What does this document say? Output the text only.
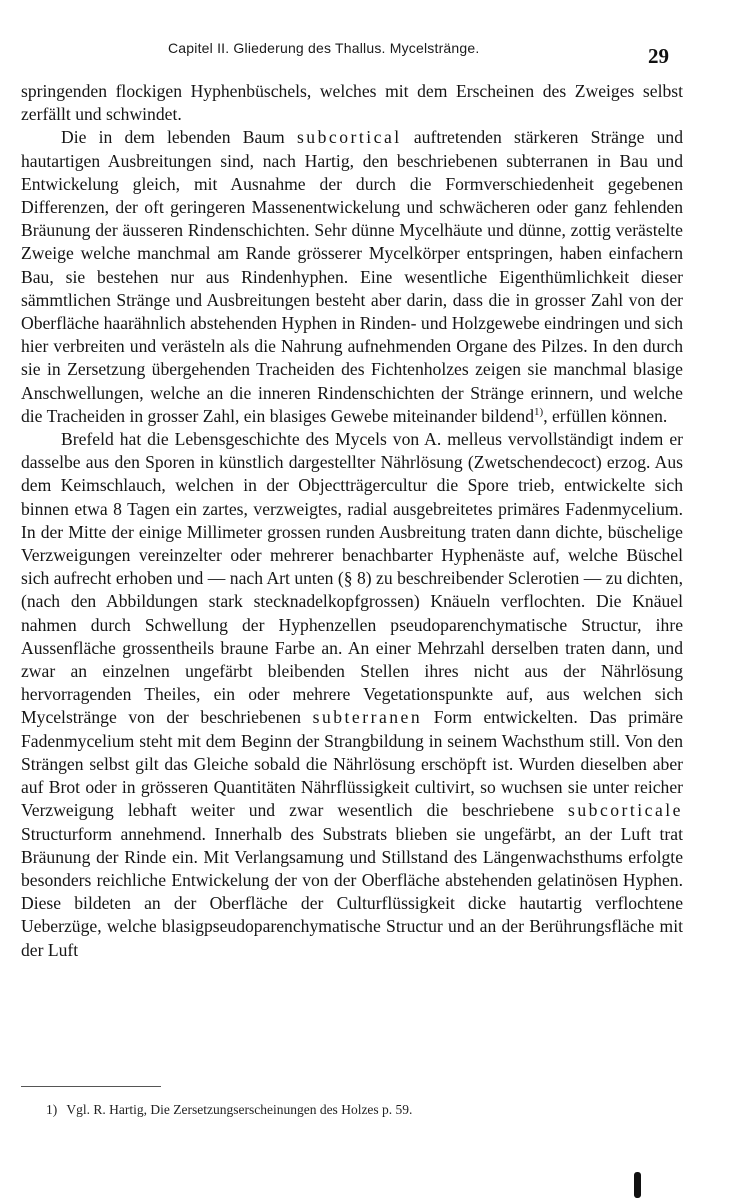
Capitel II. Gliederung des Thallus. Mycelstränge.	29

springenden flockigen Hyphenbüschels, welches mit dem Erscheinen des Zweiges selbst zerfällt und schwindet.

Die in dem lebenden Baum subcortical auftretenden stärkeren Stränge und hautartigen Ausbreitungen sind, nach Hartig, den beschriebenen subterranen in Bau und Entwickelung gleich, mit Ausnahme der durch die Formverschiedenheit gegebenen Differenzen, der oft geringeren Massenentwickelung und schwächeren oder ganz fehlenden Bräunung der äusseren Rindenschichten. Sehr dünne Mycelhäute und dünne, zottig verästelte Zweige welche manchmal am Rande grösserer Mycelkörper entspringen, haben einfachern Bau, sie bestehen nur aus Rindenhyphen. Eine wesentliche Eigenthümlichkeit dieser sämmtlichen Stränge und Ausbreitungen besteht aber darin, dass die in grosser Zahl von der Oberfläche haarähnlich abstehenden Hyphen in Rinden- und Holzgewebe eindringen und sich hier verbreiten und verästeln als die Nahrung aufnehmenden Organe des Pilzes. In den durch sie in Zersetzung übergehenden Tracheiden des Fichtenholzes zeigen sie manchmal blasige Anschwellungen, welche an die inneren Rindenschichten der Stränge erinnern, und welche die Tracheiden in grosser Zahl, ein blasiges Gewebe miteinander bildend$^{1)}$, erfüllen können.

Brefeld hat die Lebensgeschichte des Mycels von A. melleus vervollständigt indem er dasselbe aus den Sporen in künstlich dargestellter Nährlösung (Zwetschendecoct) erzog. Aus dem Keimschlauch, welchen in der Objectträgercultur die Spore trieb, entwickelte sich binnen etwa 8 Tagen ein zartes, verzweigtes, radial ausgebreitetes primäres Fadenmycelium. In der Mitte der einige Millimeter grossen runden Ausbreitung traten dann dichte, büschelige Verzweigungen vereinzelter oder mehrerer benachbarter Hyphenäste auf, welche Büschel sich aufrecht erhoben und — nach Art unten (§ 8) zu beschreibender Sclerotien — zu dichten, (nach den Abbildungen stark stecknadelkopfgrossen) Knäueln verflochten. Die Knäuel nahmen durch Schwellung der Hyphenzellen pseudoparenchymatische Structur, ihre Aussenfläche grossentheils braune Farbe an. An einer Mehrzahl derselben traten dann, und zwar an einzelnen ungefärbt bleibenden Stellen ihres nicht aus der Nährlösung hervorragenden Theiles, ein oder mehrere Vegetationspunkte auf, aus welchen sich Mycelstränge von der beschriebenen subterranen Form entwickelten. Das primäre Fadenmycelium steht mit dem Beginn der Strangbildung in seinem Wachsthum still. Von den Strängen selbst gilt das Gleiche sobald die Nährlösung erschöpft ist. Wurden dieselben aber auf Brot oder in grösseren Quantitäten Nährflüssigkeit cultivirt, so wuchsen sie unter reicher Verzweigung lebhaft weiter und zwar wesentlich die beschriebene subcorticale Structurform annehmend. Innerhalb des Substrats blieben sie ungefärbt, an der Luft trat Bräunung der Rinde ein. Mit Verlangsamung und Stillstand des Längenwachsthums erfolgte besonders reichliche Entwickelung der von der Oberfläche abstehenden gelatinösen Hyphen. Diese bildeten an der Oberfläche der Culturflüssigkeit dicke hautartig verflochtene Ueberzüge, welche blasigpseudoparenchymatische Structur und an der Berührungsfläche mit der Luft

1) Vgl. R. Hartig, Die Zersetzungserscheinungen des Holzes p. 59.
